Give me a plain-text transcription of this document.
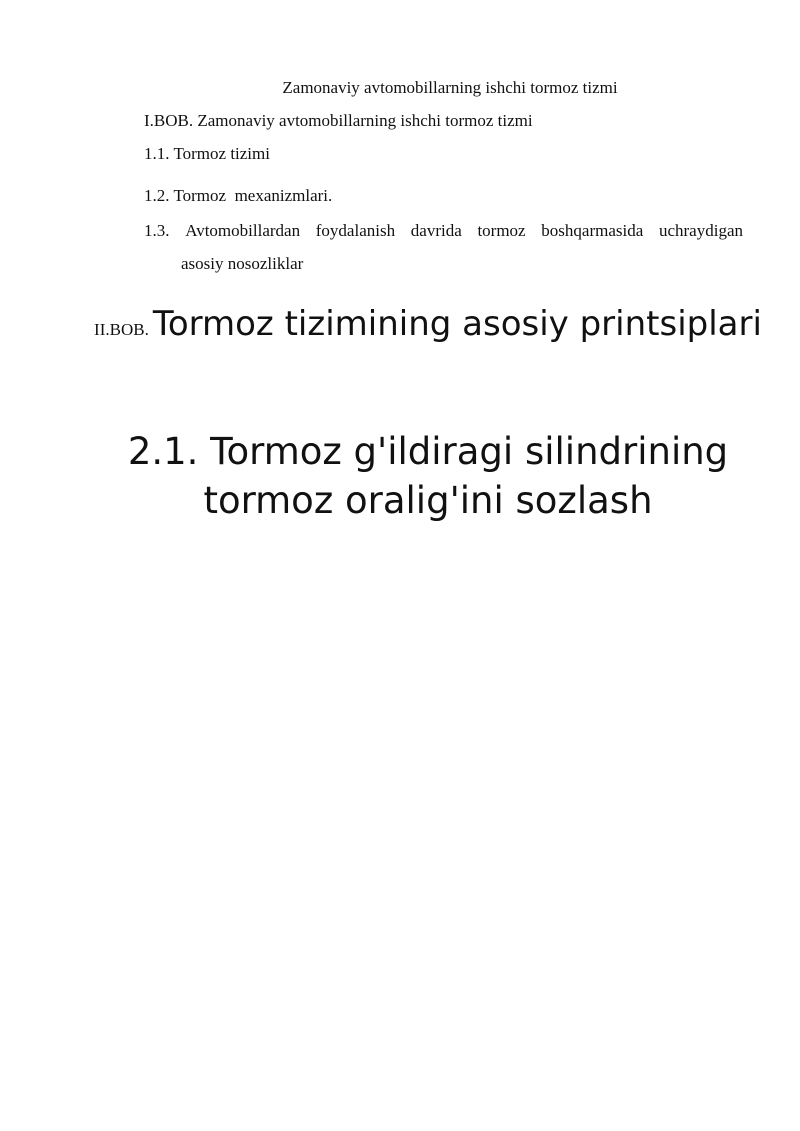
Zamonaviy avtomobillarning ishchi tormoz tizmi
I.BOB. Zamonaviy avtomobillarning ishchi tormoz tizmi
1.1. Tormoz tizimi
1.2. Tormoz  mexanizmlari.
1.3. Avtomobillardan foydalanish davrida tormoz boshqarmasida uchraydigan
asosiy nosozliklar
II.BOB. Tormoz tizimining asosiy printsiplari
2.1. Tormoz g'ildiragi silindrining tormoz oralig'ini sozlash
